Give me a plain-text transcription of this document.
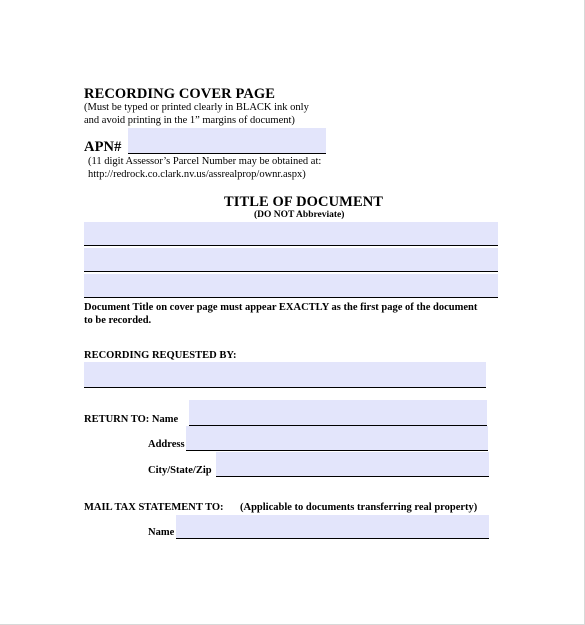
RECORDING COVER PAGE
(Must be typed or printed clearly in BLACK ink only
and avoid printing in the 1” margins of document)
APN#
(11 digit Assessor’s Parcel Number may be obtained at:
http://redrock.co.clark.nv.us/assrealprop/ownr.aspx)
TITLE OF DOCUMENT
(DO NOT Abbreviate)
Document Title on cover page must appear EXACTLY as the first page of the document
to be recorded.
RECORDING REQUESTED BY:
RETURN TO: Name
Address
City/State/Zip
MAIL TAX STATEMENT TO: (Applicable to documents transferring real property)
Name
